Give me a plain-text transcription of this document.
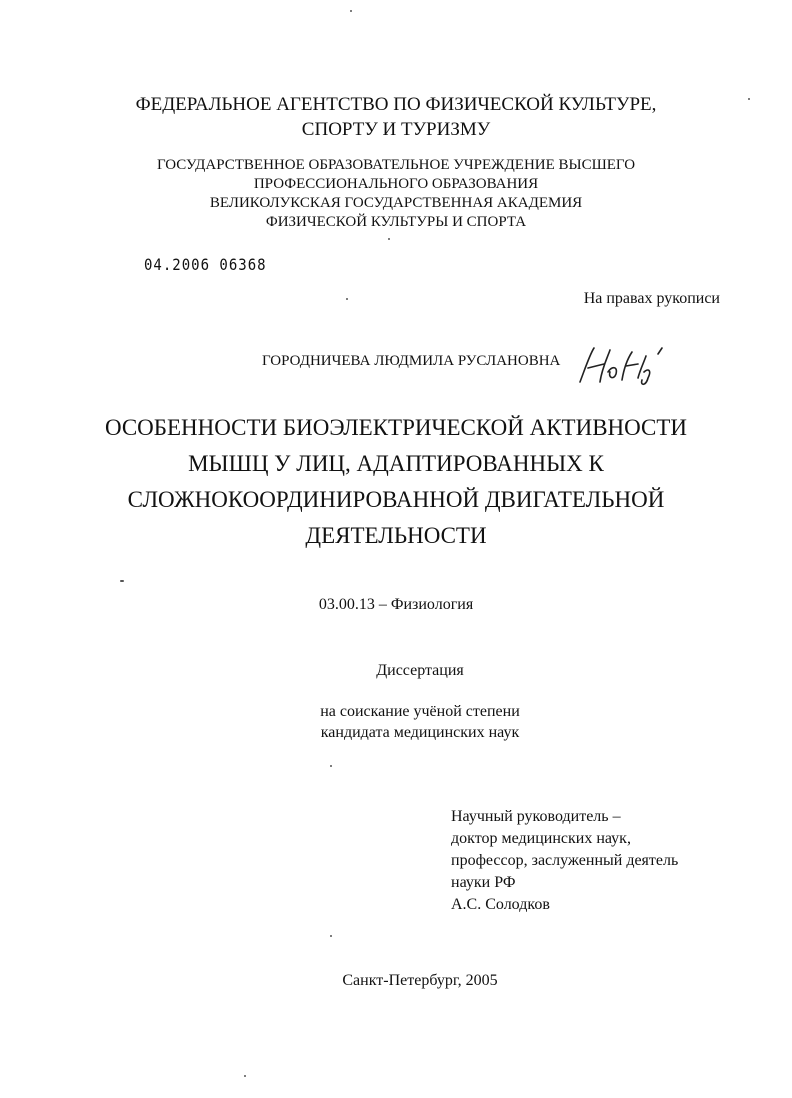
ФЕДЕРАЛЬНОЕ АГЕНТСТВО ПО ФИЗИЧЕСКОЙ КУЛЬТУРЕ,
СПОРТУ И ТУРИЗМУ
ГОСУДАРСТВЕННОЕ ОБРАЗОВАТЕЛЬНОЕ УЧРЕЖДЕНИЕ ВЫСШЕГО
ПРОФЕССИОНАЛЬНОГО ОБРАЗОВАНИЯ
ВЕЛИКОЛУКСКАЯ ГОСУДАРСТВЕННАЯ АКАДЕМИЯ
ФИЗИЧЕСКОЙ КУЛЬТУРЫ И СПОРТА
04.2006 06368
На правах рукописи
ГОРОДНИЧЕВА ЛЮДМИЛА РУСЛАНОВНА
ОСОБЕННОСТИ БИОЭЛЕКТРИЧЕСКОЙ АКТИВНОСТИ
МЫШЦ У ЛИЦ, АДАПТИРОВАННЫХ К
СЛОЖНОКООРДИНИРОВАННОЙ ДВИГАТЕЛЬНОЙ
ДЕЯТЕЛЬНОСТИ
03.00.13 – Физиология
Диссертация
на соискание учёной степени
кандидата медицинских наук
Научный руководитель –
доктор медицинских наук,
профессор, заслуженный деятель
науки РФ
А.С. Солодков
Санкт-Петербург, 2005
